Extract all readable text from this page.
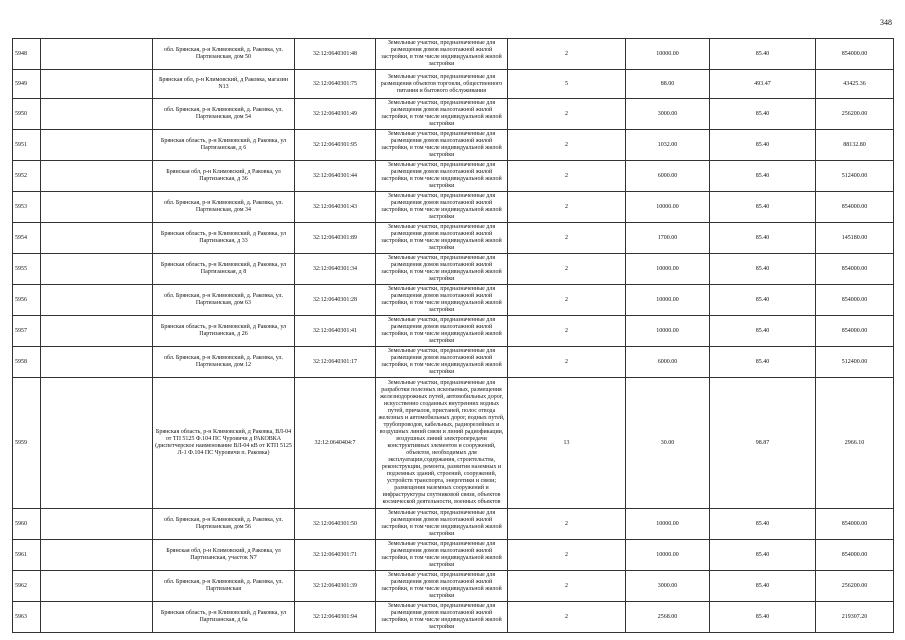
348
5948		обл. Брянская, р-н Климовский, д. Раковка, ул. Партизанская, дом 50	32:12:0640301:48	Земельные участки, предназначенные для размещения домов малоэтажной жилой застройки, в том числе индивидуальной жилой застройки	2	10000.00	85.40	854000.00
5949		Брянская обл, р-н Климовский, д Раковка, магазин N13	32:12:0640301:75	Земельные участки, предназначенные для размещения объектов торговли, общественного питания и бытового обслуживания	5	88.00	493.47	43425.36
5950		обл. Брянская, р-н Климовский, д. Раковка, ул. Партизанская, дом 54	32:12:0640301:49	Земельные участки, предназначенные для размещения домов малоэтажной жилой застройки, в том числе индивидуальной жилой застройки	2	3000.00	85.40	256200.00
5951		Брянская область, р-н Климовский, д Раковка, ул Партизанская, д 6	32:12:0640301:95	Земельные участки, предназначенные для размещения домов малоэтажной жилой застройки, в том числе индивидуальной жилой застройки	2	1032.00	85.40	88132.80
5952		Брянская обл, р-н Климовский, д Раковка, ул Партизанская, д 36	32:12:0640301:44	Земельные участки, предназначенные для размещения домов малоэтажной жилой застройки, в том числе индивидуальной жилой застройки	2	6000.00	85.40	512400.00
5953		обл. Брянская, р-н Климовский, д. Раковка, ул. Партизанская, дом 34	32:12:0640301:43	Земельные участки, предназначенные для размещения домов малоэтажной жилой застройки, в том числе индивидуальной жилой застройки	2	10000.00	85.40	854000.00
5954		Брянская область, р-н Климовский, д Раковка, ул Партизанская, д 33	32:12:0640301:89	Земельные участки, предназначенные для размещения домов малоэтажной жилой застройки, в том числе индивидуальной жилой застройки	2	1700.00	85.40	145180.00
5955		Брянская область, р-н Климовский, д Раковка, ул Партизанская, д 8	32:12:0640301:34	Земельные участки, предназначенные для размещения домов малоэтажной жилой застройки, в том числе индивидуальной жилой застройки	2	10000.00	85.40	854000.00
5956		обл. Брянская, р-н Климовский, д. Раковка, ул. Партизанская, дом 63	32:12:0640301:28	Земельные участки, предназначенные для размещения домов малоэтажной жилой застройки, в том числе индивидуальной жилой застройки	2	10000.00	85.40	854000.00
5957		Брянская область, р-н Климовский, д Раковка, ул Партизанская, д 26	32:12:0640301:41	Земельные участки, предназначенные для размещения домов малоэтажной жилой застройки, в том числе индивидуальной жилой застройки	2	10000.00	85.40	854000.00
5958		обл. Брянская, р-н Климовский, д. Раковка, ул. Партизанская, дом 12	32:12:0640301:17	Земельные участки, предназначенные для размещения домов малоэтажной жилой застройки, в том числе индивидуальной жилой застройки	2	6000.00	85.40	512400.00
5959		Брянская область, р-н Климовский, д Раковка, ВЛ-04 от ТП 5125 Ф.104 ПС Чуровичи д РАКОВКА (диспетчерское наименование ВЛ-04 кВ от КТП 5125 Л-1 Ф.104 ПС Чуровичи п. Раковка)	32:12:0640404:7	Земельные участки, предназначенные для разработки полезных ископаемых, размещения железнодорожных путей, автомобильных дорог, искусственно созданных внутренних водных путей, причалов, пристаней, полос отвода железных и автомобильных дорог, водных путей, трубопроводов, кабельных, радиорелейных и воздушных линий связи и линий радиофикации, воздушных линий электропередачи конструктивных элементов и сооружений, объектов, необходимых для эксплуатации,содержания, строительства, реконструкции, ремонта, развития наземных и подземных зданий, строений, сооружений, устройств транспорта, энергетики и связи; размещения наземных сооружений и инфраструктуры спутниковой связи, объектов космической деятельности, военных объектов	13	30.00	98.87	2966.10
5960		обл. Брянская, р-н Климовский, д. Раковка, ул. Партизанская, дом 56	32:12:0640301:50	Земельные участки, предназначенные для размещения домов малоэтажной жилой застройки, в том числе индивидуальной жилой застройки	2	10000.00	85.40	854000.00
5961		Брянская обл, р-н Климовский, д Раковка, ул Партизанская, участок N7	32:12:0640301:71	Земельные участки, предназначенные для размещения домов малоэтажной жилой застройки, в том числе индивидуальной жилой застройки	2	10000.00	85.40	854000.00
5962		обл. Брянская, р-н Климовский, д. Раковка, ул. Партизанская	32:12:0640301:39	Земельные участки, предназначенные для размещения домов малоэтажной жилой застройки, в том числе индивидуальной жилой застройки	2	3000.00	85.40	256200.00
5963		Брянская область, р-н Климовский, д Раковка, ул Партизанская, д 6а	32:12:0640301:94	Земельные участки, предназначенные для размещения домов малоэтажной жилой застройки, в том числе индивидуальной жилой застройки	2	2568.00	85.40	219307.20
